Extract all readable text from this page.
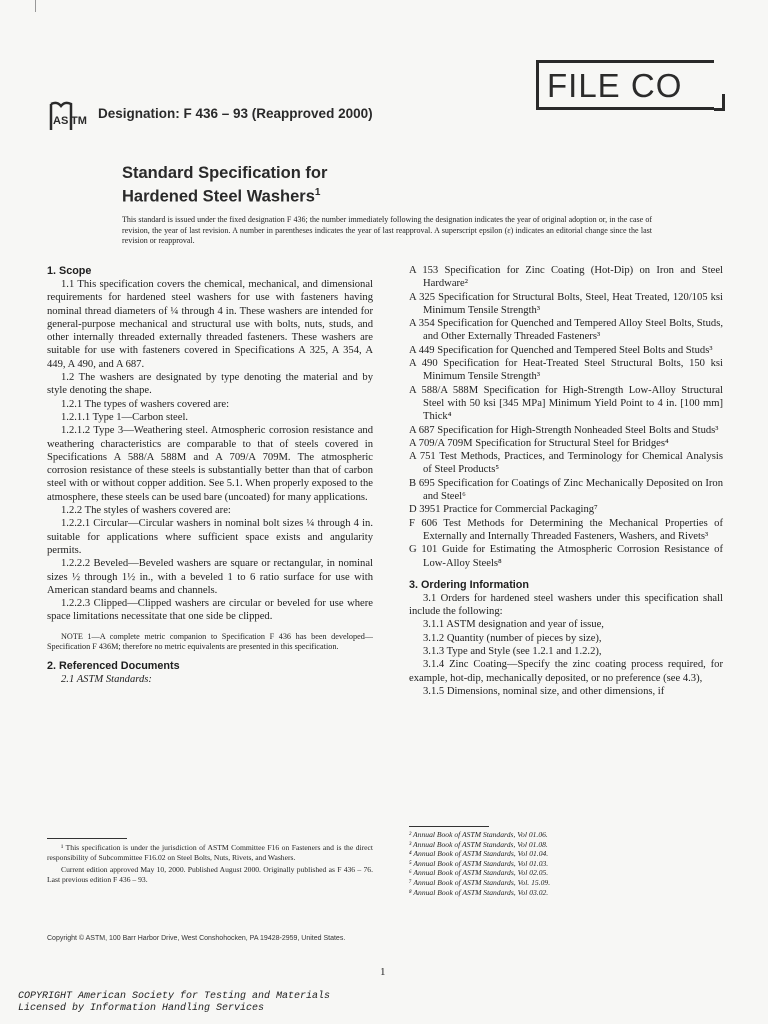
FILE CO
AS TM Designation: F 436 – 93 (Reapproved 2000)
Standard Specification for
Hardened Steel Washers$^1$
This standard is issued under the fixed designation F 436; the number immediately following the designation indicates the year of original adoption or, in the case of revision, the year of last revision. A number in parentheses indicates the year of last reapproval. A superscript epsilon (ε) indicates an editorial change since the last revision or reapproval.
1. Scope

1.1 This specification covers the chemical, mechanical, and dimensional requirements for hardened steel washers for use with fasteners having nominal thread diameters of ¼ through 4 in. These washers are intended for general-purpose mechanical and structural use with bolts, nuts, studs, and other internally threaded externally threaded fasteners. These washers are suitable for use with fasteners covered in Specifications A 325, A 354, A 449, A 490, and A 687.

1.2 The washers are designated by type denoting the material and by style denoting the shape.

1.2.1 The types of washers covered are:

1.2.1.1 Type 1—Carbon steel.

1.2.1.2 Type 3—Weathering steel. Atmospheric corrosion resistance and weathering characteristics are comparable to that of steels covered in Specifications A 588/A 588M and A 709/A 709M. The atmospheric corrosion resistance of these steels is substantially better than that of carbon steel with or without copper addition. See 5.1. When properly exposed to the atmosphere, these steels can be used bare (uncoated) for many applications.

1.2.2 The styles of washers covered are:

1.2.2.1 Circular—Circular washers in nominal bolt sizes ¼ through 4 in. suitable for applications where sufficient space exists and angularity permits.

1.2.2.2 Beveled—Beveled washers are square or rectangular, in nominal sizes ½ through 1½ in., with a beveled 1 to 6 ratio surface for use with American standard beams and channels.

1.2.2.3 Clipped—Clipped washers are circular or beveled for use where space limitations necessitate that one side be clipped.

NOTE 1—A complete metric companion to Specification F 436 has been developed—Specification F 436M; therefore no metric equivalents are presented in this specification.

2. Referenced Documents

2.1 ASTM Standards:

A 153 Specification for Zinc Coating (Hot-Dip) on Iron and Steel Hardware²

A 325 Specification for Structural Bolts, Steel, Heat Treated, 120/105 ksi Minimum Tensile Strength³

A 354 Specification for Quenched and Tempered Alloy Steel Bolts, Studs, and Other Externally Threaded Fasteners³

A 449 Specification for Quenched and Tempered Steel Bolts and Studs³

A 490 Specification for Heat-Treated Steel Structural Bolts, 150 ksi Minimum Tensile Strength³

A 588/A 588M Specification for High-Strength Low-Alloy Structural Steel with 50 ksi [345 MPa] Minimum Yield Point to 4 in. [100 mm] Thick⁴

A 687 Specification for High-Strength Nonheaded Steel Bolts and Studs³

A 709/A 709M Specification for Structural Steel for Bridges⁴

A 751 Test Methods, Practices, and Terminology for Chemical Analysis of Steel Products⁵

B 695 Specification for Coatings of Zinc Mechanically Deposited on Iron and Steel⁶

D 3951 Practice for Commercial Packaging⁷

F 606 Test Methods for Determining the Mechanical Properties of Externally and Internally Threaded Fasteners, Washers, and Rivets³

G 101 Guide for Estimating the Atmospheric Corrosion Resistance of Low-Alloy Steels⁸

3. Ordering Information

3.1 Orders for hardened steel washers under this specification shall include the following:

3.1.1 ASTM designation and year of issue,

3.1.2 Quantity (number of pieces by size),

3.1.3 Type and Style (see 1.2.1 and 1.2.2),

3.1.4 Zinc Coating—Specify the zinc coating process required, for example, hot-dip, mechanically deposited, or no preference (see 4.3),

3.1.5 Dimensions, nominal size, and other dimensions, if

¹ This specification is under the jurisdiction of ASTM Committee F16 on Fasteners and is the direct responsibility of Subcommittee F16.02 on Steel Bolts, Nuts, Rivets, and Washers.

Current edition approved May 10, 2000. Published August 2000. Originally published as F 436 – 76. Last previous edition F 436 – 93.

² Annual Book of ASTM Standards, Vol 01.06.

³ Annual Book of ASTM Standards, Vol 01.08.

⁴ Annual Book of ASTM Standards, Vol 01.04.

⁵ Annual Book of ASTM Standards, Vol 01.03.

⁶ Annual Book of ASTM Standards, Vol 02.05.

⁷ Annual Book of ASTM Standards, Vol. 15.09.

⁸ Annual Book of ASTM Standards, Vol 03.02.

Copyright © ASTM, 100 Barr Harbor Drive, West Conshohocken, PA 19428-2959, United States.
1
COPYRIGHT American Society for Testing and Materials
Licensed by Information Handling Services
